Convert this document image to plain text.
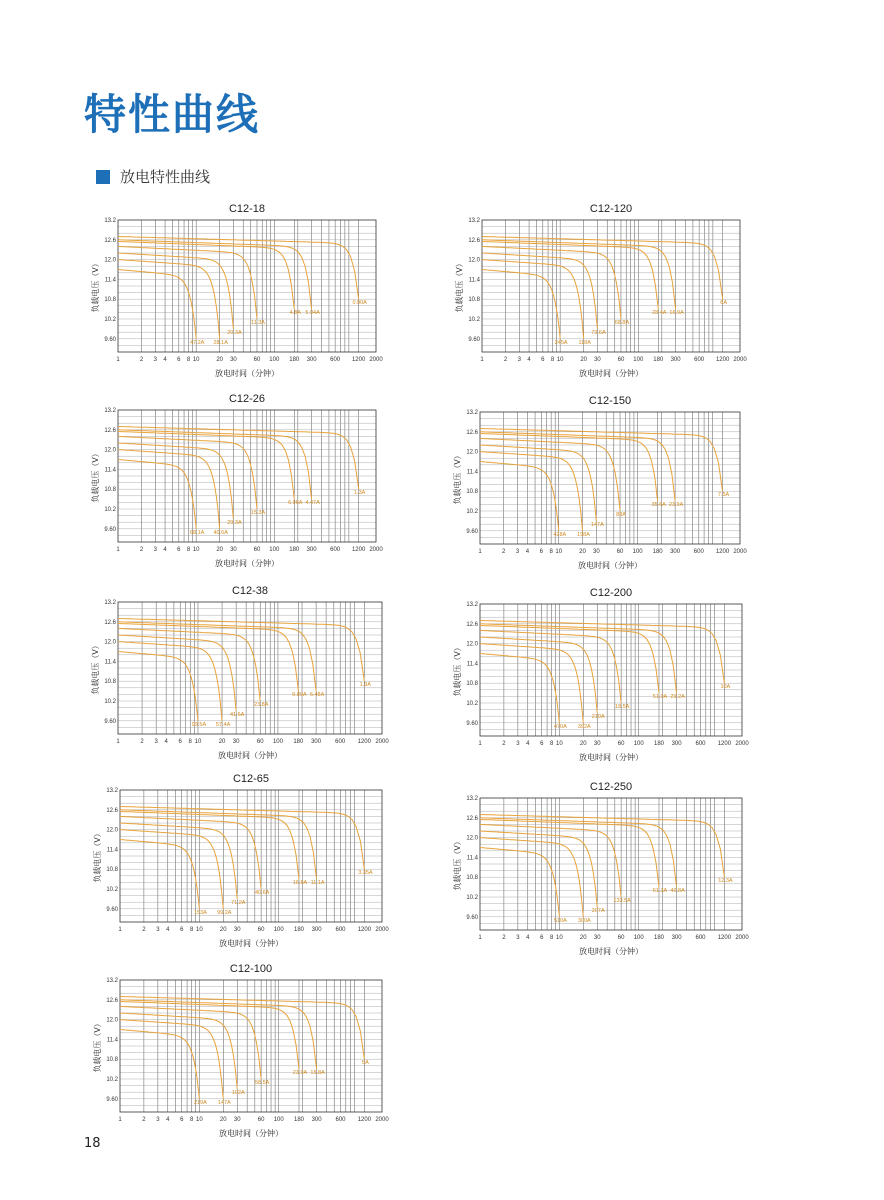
特性曲线
放电特性曲线
C12-18
13.2
12.6
12.0
11.4
10.8
10.2
9.60
1	2 3 4 6 8 10	20 30	60 100 180 300 600 1200 2000
放电时间（分钟）
负载电压（V）
47.2A 28.1A
20.3A
11.3A
4.8A 5.94A
0.90A
C12-26
13.2
12.6
12.0
11.4
10.8
10.2
9.60
1	2 3 4 6 8 10	20 30	60 100 180 300 600 1200 2000
放电时间（分钟）
负载电压（V）
68.1A 40.6A
29.3A
15.3A
6.96A 4.47A
1.3A
C12-38
13.2
12.6
12.0
11.4
10.8
10.2
9.60
1	2 3 4 6 8 10	20 30	60 100 180 300 600 1200 2000
放电时间（分钟）
负载电压（V）
99.5A 57.4A
41.6A
23.8A
9.89A 6.48A
1.9A
C12-65
13.2
12.6
12.0
11.4
10.8
10.2
9.60
1	2 3 4 6 8 10	20 30	60 100 180 300 600 1200 2000
放电时间（分钟）
负载电压（V）
153A 99.2A
71.2A
40.6A
16.8A 11.1A
3.35A
C12-100
13.2
12.6
12.0
11.4
10.8
10.2
9.60
1	2 3 4 6 8 10	20 30	60 100 180 300 600 1200 2000
放电时间（分钟）
负载电压（V）
219A 147A
102A
58.5A
23.9A 15.8A
5A
C12-120
13.2
12.6
12.0
11.4
10.8
10.2
9.60
1	2 3 4 6 8 10	20 30	60 100 180 300 600 1200 2000
放电时间（分钟）
负载电压（V）
245A 118A
73.6A
68.8A
28.4A 16.9A
6A
C12-150
13.2
12.6
12.0
11.4
10.8
10.2
9.60
1	2 3 4 6 8 10	20 30	60 100 180 300 600 1200 2000
放电时间（分钟）
负载电压（V）
428A 198A
147A
88A
35.6A 23.9A
7.5A
C12-200
13.2
12.6
12.0
11.4
10.8
10.2
9.60
1	2 3 4 6 8 10	20 30	60 100 180 300 600 1200 2000
放电时间（分钟）
负载电压（V）
470A 392A
219A
18.5A
51.0A 29.2A
10A
C12-250
13.2
12.6
12.0
11.4
10.8
10.2
9.60
1	2 3 4 6 8 10	20 30	60 100 180 300 600 1200 2000
放电时间（分钟）
负载电压（V）
510A 300A
207A
133.5A
61.3A 40.8A
12.3A
18
